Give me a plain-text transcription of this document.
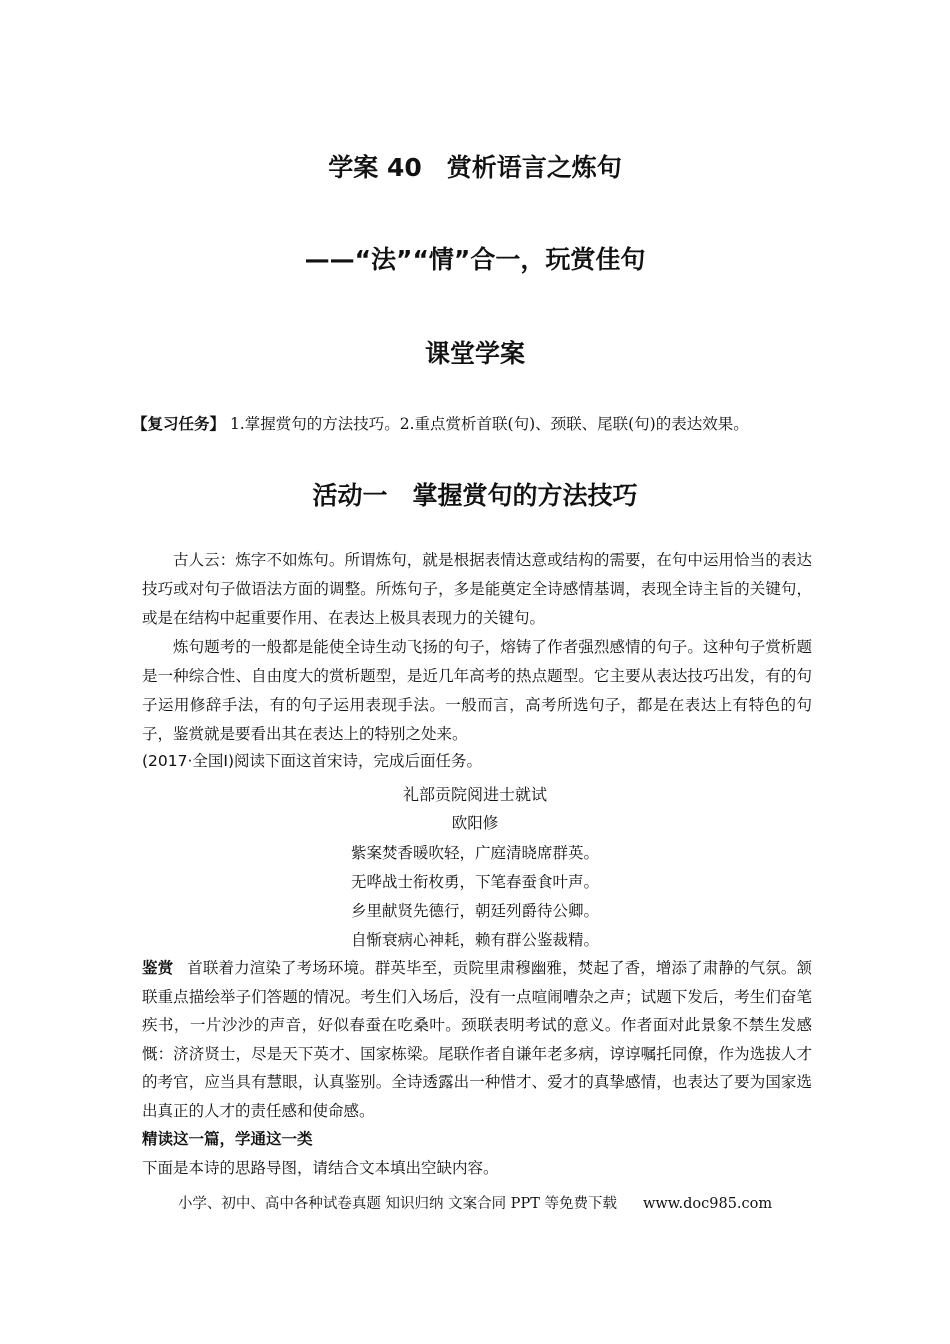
学案 40　赏析语言之炼句
——“法”“情”合一，玩赏佳句
课堂学案
【复习任务】 1.掌握赏句的方法技巧。2.重点赏析首联(句)、颈联、尾联(句)的表达效果。
活动一　掌握赏句的方法技巧

古人云：炼字不如炼句。所谓炼句，就是根据表情达意或结构的需要，在句中运用恰当的表达技巧或对句子做语法方面的调整。所炼句子，多是能奠定全诗感情基调，表现全诗主旨的关键句，或是在结构中起重要作用、在表达上极具表现力的关键句。

炼句题考的一般都是能使全诗生动飞扬的句子，熔铸了作者强烈感情的句子。这种句子赏析题是一种综合性、自由度大的赏析题型，是近几年高考的热点题型。它主要从表达技巧出发，有的句子运用修辞手法，有的句子运用表现手法。一般而言，高考所选句子，都是在表达上有特色的句子，鉴赏就是要看出其在表达上的特别之处来。

(2017·全国Ⅰ)阅读下面这首宋诗，完成后面任务。
礼部贡院阅进士就试
欧阳修
紫案焚香暖吹轻，广庭清晓席群英。
无哗战士衔枚勇，下笔春蚕食叶声。
乡里献贤先德行，朝廷列爵待公卿。
自惭衰病心神耗，赖有群公鉴裁精。
鉴赏 首联着力渲染了考场环境。群英毕至，贡院里肃穆幽雅，焚起了香，增添了肃静的气氛。颔联重点描绘举子们答题的情况。考生们入场后，没有一点喧闹嘈杂之声；试题下发后，考生们奋笔疾书，一片沙沙的声音，好似春蚕在吃桑叶。颈联表明考试的意义。作者面对此景象不禁生发感慨：济济贤士，尽是天下英才、国家栋梁。尾联作者自谦年老多病，谆谆嘱托同僚，作为选拔人才的考官，应当具有慧眼，认真鉴别。全诗透露出一种惜才、爱才的真挚感情，也表达了要为国家选出真正的人才的责任感和使命感。
精读这一篇，学通这一类
下面是本诗的思路导图，请结合文本填出空缺内容。
小学、初中、高中各种试卷真题 知识归纳 文案合同 PPT 等免费下载 www.doc985.com
